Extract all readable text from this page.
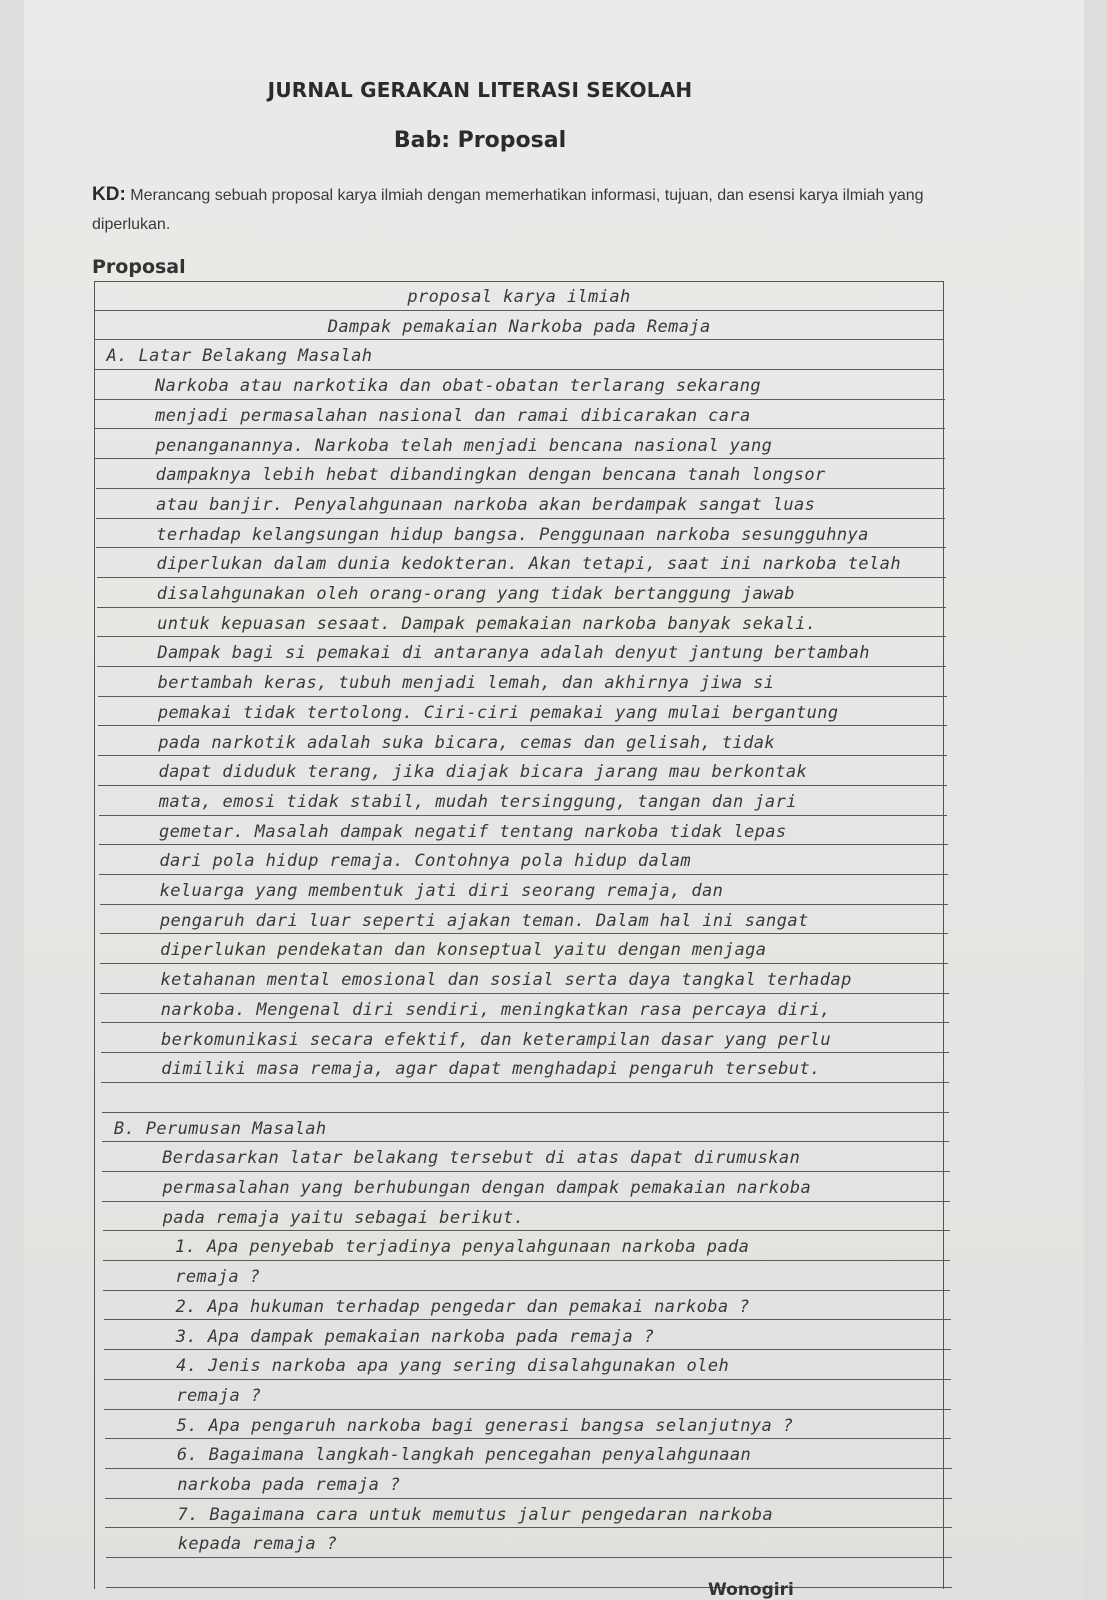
JURNAL GERAKAN LITERASI SEKOLAH
Bab: Proposal
KD: Merancang sebuah proposal karya ilmiah dengan memerhatikan informasi, tujuan, dan esensi karya ilmiah yang diperlukan.
Proposal
proposal karya ilmiah
Dampak pemakaian Narkoba pada Remaja
A. Latar Belakang Masalah
Narkoba atau narkotika dan obat-obatan terlarang sekarang
menjadi permasalahan nasional dan ramai dibicarakan cara
penanganannya. Narkoba telah menjadi bencana nasional yang
dampaknya lebih hebat dibandingkan dengan bencana tanah longsor
atau banjir. Penyalahgunaan narkoba akan berdampak sangat luas
terhadap kelangsungan hidup bangsa. Penggunaan narkoba sesungguhnya
diperlukan dalam dunia kedokteran. Akan tetapi, saat ini narkoba telah
disalahgunakan oleh orang-orang yang tidak bertanggung jawab
untuk kepuasan sesaat. Dampak pemakaian narkoba banyak sekali.
Dampak bagi si pemakai di antaranya adalah denyut jantung bertambah
bertambah keras, tubuh menjadi lemah, dan akhirnya jiwa si
pemakai tidak tertolong. Ciri-ciri pemakai yang mulai bergantung
pada narkotik adalah suka bicara, cemas dan gelisah, tidak
dapat diduduk terang, jika diajak bicara jarang mau berkontak
mata, emosi tidak stabil, mudah tersinggung, tangan dan jari
gemetar. Masalah dampak negatif tentang narkoba tidak lepas
dari pola hidup remaja. Contohnya pola hidup dalam
keluarga yang membentuk jati diri seorang remaja, dan
pengaruh dari luar seperti ajakan teman. Dalam hal ini sangat
diperlukan pendekatan dan konseptual yaitu dengan menjaga
ketahanan mental emosional dan sosial serta daya tangkal terhadap
narkoba. Mengenal diri sendiri, meningkatkan rasa percaya diri,
berkomunikasi secara efektif, dan keterampilan dasar yang perlu
dimiliki masa remaja, agar dapat menghadapi pengaruh tersebut.
B. Perumusan Masalah
Berdasarkan latar belakang tersebut di atas dapat dirumuskan
permasalahan yang berhubungan dengan dampak pemakaian narkoba
pada remaja yaitu sebagai berikut.
1. Apa penyebab terjadinya penyalahgunaan narkoba pada
remaja ?
2. Apa hukuman terhadap pengedar dan pemakai narkoba ?
3. Apa dampak pemakaian narkoba pada remaja ?
4. Jenis narkoba apa yang sering disalahgunakan oleh
remaja ?
5. Apa pengaruh narkoba bagi generasi bangsa selanjutnya ?
6. Bagaimana langkah-langkah pencegahan penyalahgunaan
narkoba pada remaja ?
7. Bagaimana cara untuk memutus jalur pengedaran narkoba
kepada remaja ?
Wonogiri
